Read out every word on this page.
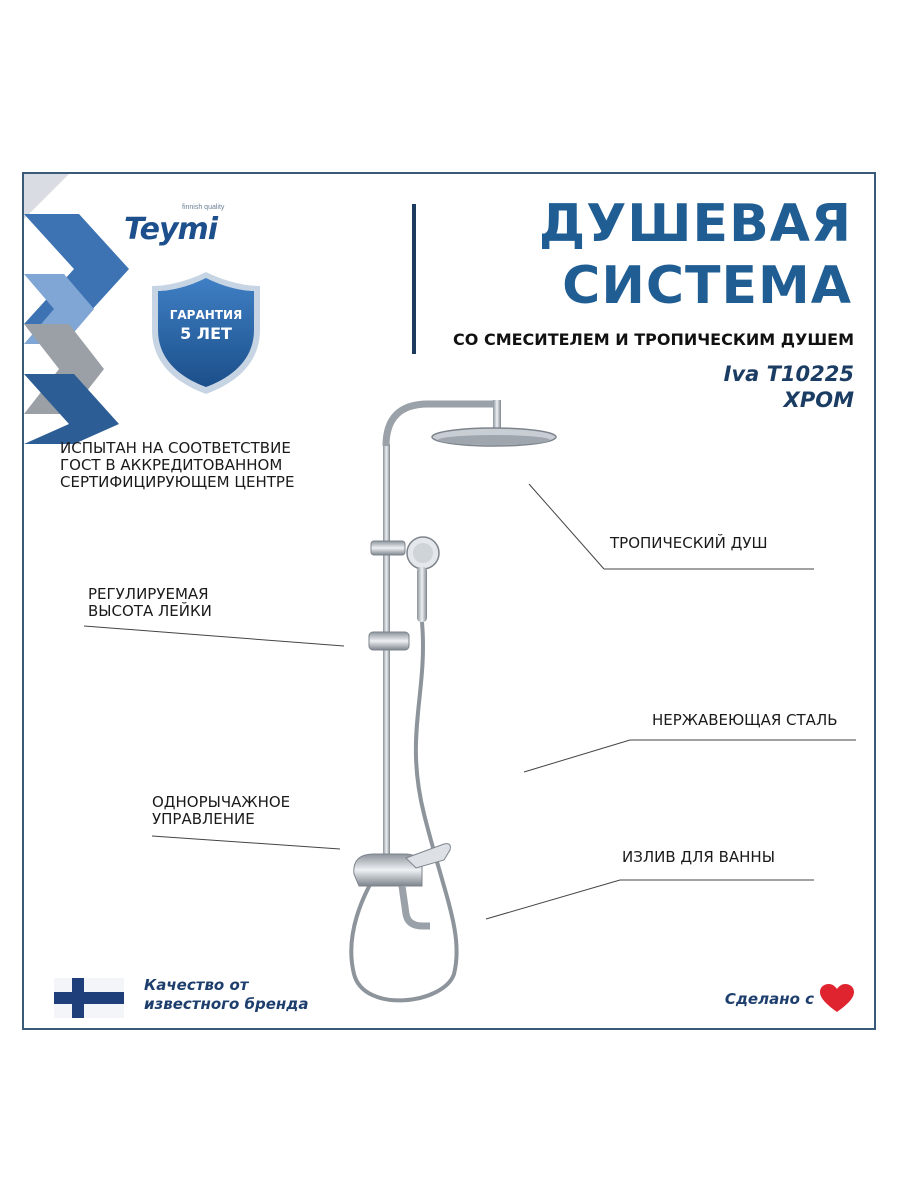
Teymi
finnish quality
ГАРАНТИЯ
5 ЛЕТ
ДУШЕВАЯ
СИСТЕМА
СО СМЕСИТЕЛЕМ И ТРОПИЧЕСКИМ ДУШЕМ
Iva T10225
ХРОМ
ИСПЫТАН НА СООТВЕТСТВИЕ
ГОСТ В АККРЕДИТОВАННОМ
СЕРТИФИЦИРУЮЩЕМ ЦЕНТРЕ
ТРОПИЧЕСКИЙ ДУШ
РЕГУЛИРУЕМАЯ
ВЫСОТА ЛЕЙКИ
НЕРЖАВЕЮЩАЯ СТАЛЬ
ОДНОРЫЧАЖНОЕ
УПРАВЛЕНИЕ
ИЗЛИВ ДЛЯ ВАННЫ
Качество от
известного бренда	Сделано с
